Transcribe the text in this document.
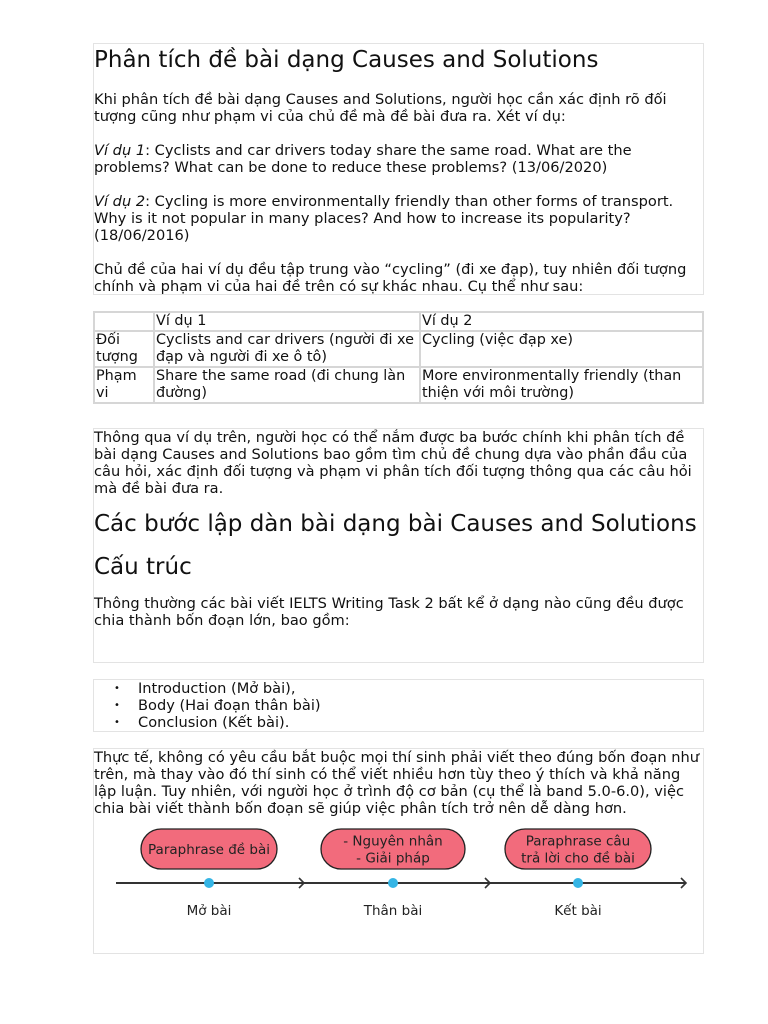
Phân tích đề bài dạng Causes and Solutions

Khi phân tích đề bài dạng Causes and Solutions, người học cần xác định rõ đối tượng cũng như phạm vi của chủ đề mà đề bài đưa ra. Xét ví dụ:

Ví dụ 1: Cyclists and car drivers today share the same road. What are the problems? What can be done to reduce these problems? (13/06/2020)

Ví dụ 2: Cycling is more environmentally friendly than other forms of transport. Why is it not popular in many places? And how to increase its popularity? (18/06/2016)

Chủ đề của hai ví dụ đều tập trung vào “cycling” (đi xe đạp), tuy nhiên đối tượng chính và phạm vi của hai đề trên có sự khác nhau. Cụ thể như sau:

	Ví dụ 1	Ví dụ 2
Đối tượng	Cyclists and car drivers (người đi xe đạp và người đi xe ô tô)	Cycling (việc đạp xe)
Phạm vi	Share the same road (đi chung làn đường)	More environmentally friendly (than thiện với môi trường)

Thông qua ví dụ trên, người học có thể nắm được ba bước chính khi phân tích đề bài dạng Causes and Solutions bao gồm tìm chủ đề chung dựa vào phần đầu của câu hỏi, xác định đối tượng và phạm vi phân tích đối tượng thông qua các câu hỏi mà đề bài đưa ra.

Các bước lập dàn bài dạng bài Causes and Solutions
Cấu trúc

Thông thường các bài viết IELTS Writing Task 2 bất kể ở dạng nào cũng đều được chia thành bốn đoạn lớn, bao gồm:

• Introduction (Mở bài),
• Body (Hai đoạn thân bài)
• Conclusion (Kết bài).

Thực tế, không có yêu cầu bắt buộc mọi thí sinh phải viết theo đúng bốn đoạn như trên, mà thay vào đó thí sinh có thể viết nhiều hơn tùy theo ý thích và khả năng lập luận. Tuy nhiên, với người học ở trình độ cơ bản (cụ thể là band 5.0-6.0), việc chia bài viết thành bốn đoạn sẽ giúp việc phân tích trở nên dễ dàng hơn.

Paraphrase đề bài
- Nguyên nhân
- Giải pháp
Paraphrase câu
trả lời cho đề bài
Mở bài	Thân bài	Kết bài
